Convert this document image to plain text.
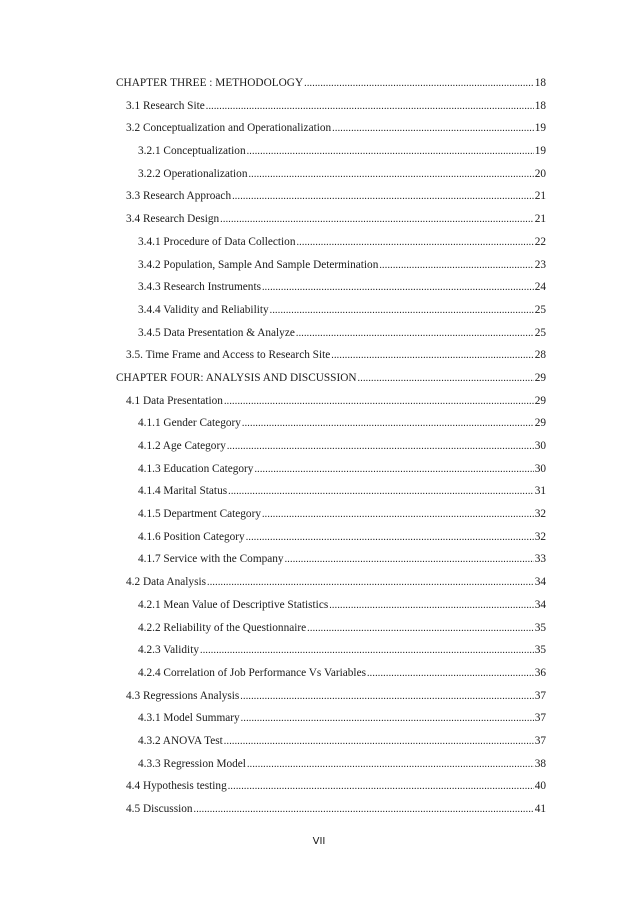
CHAPTER THREE : METHODOLOGY .....	18
3.1 Research Site .....	18
3.2 Conceptualization and Operationalization .....	19
3.2.1 Conceptualization .....	19
3.2.2 Operationalization .....	20
3.3 Research Approach .....	21
3.4 Research Design .....	21
3.4.1 Procedure of Data Collection .....	22
3.4.2 Population, Sample And Sample Determination .....	23
3.4.3 Research Instruments .....	24
3.4.4 Validity and Reliability .....	25
3.4.5 Data Presentation & Analyze .....	25
3.5. Time Frame and Access to Research Site .....	28
CHAPTER FOUR: ANALYSIS AND DISCUSSION .....	29
4.1 Data Presentation .....	29
4.1.1 Gender Category .....	29
4.1.2 Age Category .....	30
4.1.3 Education Category .....	30
4.1.4 Marital Status .....	31
4.1.5 Department Category .....	32
4.1.6 Position Category .....	32
4.1.7 Service with the Company .....	33
4.2 Data Analysis .....	34
4.2.1 Mean Value of Descriptive Statistics .....	34
4.2.2 Reliability of the Questionnaire .....	35
4.2.3 Validity .....	35
4.2.4 Correlation of Job Performance Vs Variables .....	36
4.3 Regressions Analysis .....	37
4.3.1 Model Summary .....	37
4.3.2 ANOVA Test .....	37
4.3.3 Regression Model .....	38
4.4 Hypothesis testing .....	40
4.5 Discussion .....	41
VII
